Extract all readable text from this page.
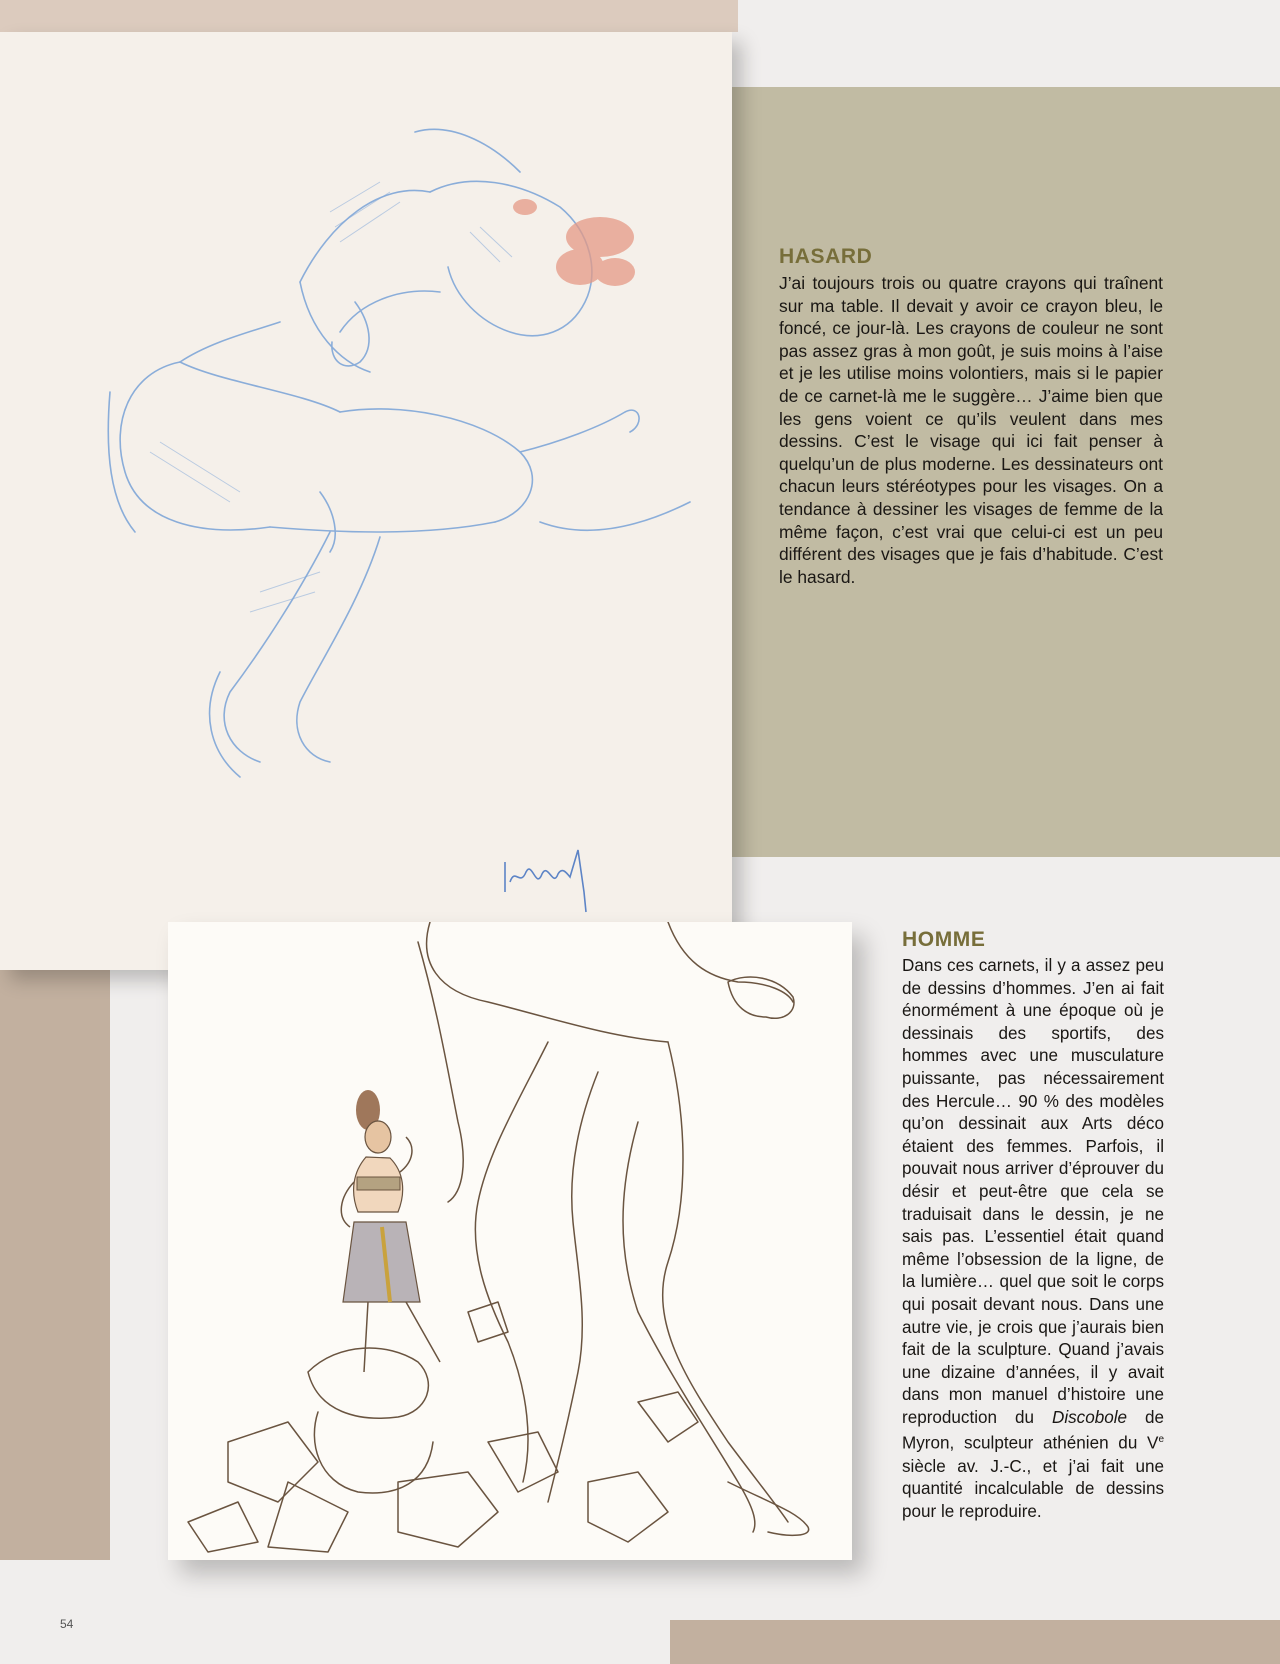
HASARD

J’ai toujours trois ou quatre crayons qui traînent sur ma table. Il devait y avoir ce crayon bleu, le foncé, ce jour-là. Les crayons de couleur ne sont pas assez gras à mon goût, je suis moins à l’aise et je les utilise moins volontiers, mais si le papier de ce carnet-là me le suggère… J’aime bien que les gens voient ce qu’ils veulent dans mes dessins. C’est le visage qui ici fait penser à quelqu’un de plus moderne. Les dessinateurs ont chacun leurs stéréotypes pour les visages. On a tendance à dessiner les visages de femme de la même façon, c’est vrai que celui-ci est un peu différent des visages que je fais d’habitude. C’est le hasard.

HOMME

Dans ces carnets, il y a assez peu de dessins d’hommes. J’en ai fait énormément à une époque où je dessinais des sportifs, des hommes avec une musculature puissante, pas nécessairement des Hercule… 90 % des modèles qu’on dessinait aux Arts déco étaient des femmes. Parfois, il pouvait nous arriver d’éprouver du désir et peut-être que cela se traduisait dans le dessin, je ne sais pas. L’essentiel était quand même l’obsession de la ligne, de la lumière… quel que soit le corps qui posait devant nous. Dans une autre vie, je crois que j’aurais bien fait de la sculpture. Quand j’avais une dizaine d’années, il y avait dans mon manuel d’histoire une reproduction du Discobole de Myron, sculpteur athénien du Ve siècle av. J.-C., et j’ai fait une quantité incalculable de dessins pour le reproduire.

54
